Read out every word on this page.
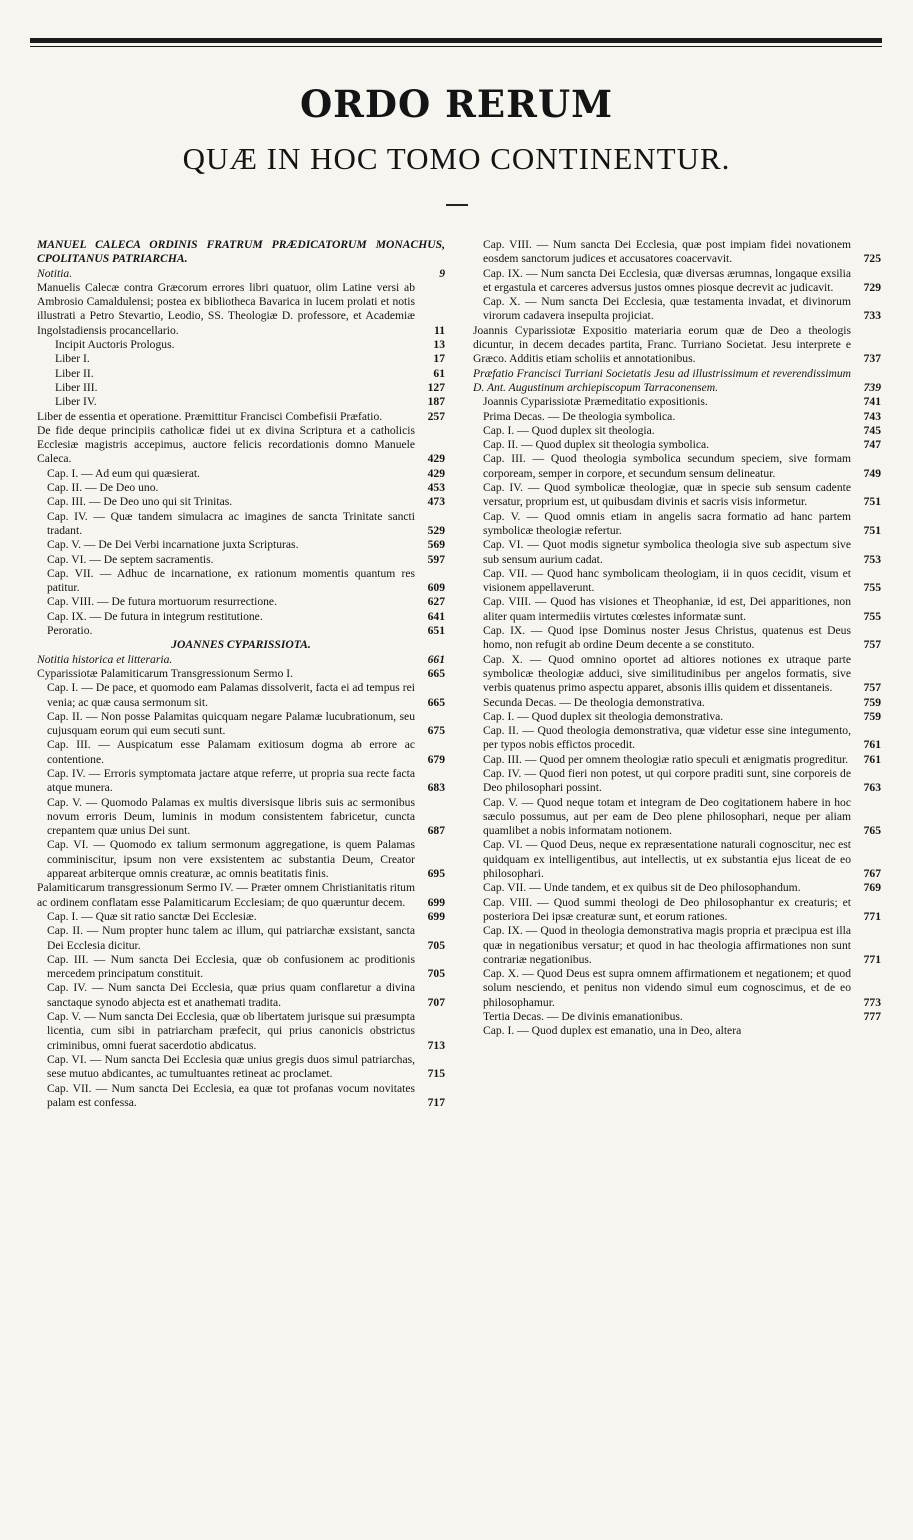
ORDO RERUM
QUÆ IN HOC TOMO CONTINENTUR.

MANUEL CALECA ORDINIS FRATRUM PRÆDICATORUM MONACHUS, CPOLITANUS PATRIARCHA.

Notitia.	9

Manuelis Calecæ contra Græcorum errores libri quatuor, olim Latine versi ab Ambrosio Camaldulensi; postea ex bibliotheca Bavarica in lucem prolati et notis illustrati a Petro Stevartio, Leodio, SS. Theologiæ D. professore, et Academiæ Ingolstadiensis procancellario.	11

Incipit Auctoris Prologus.	13

Liber I.	17

Liber II.	61

Liber III.	127

Liber IV.	187

Liber de essentia et operatione. Præmittitur Francisci Combefisii Præfatio.	257

De fide deque principiis catholicæ fidei ut ex divina Scriptura et a catholicis Ecclesiæ magistris accepimus, auctore felicis recordationis domno Manuele Caleca.	429

Cap. I. — Ad eum qui quæsierat.	429

Cap. II. — De Deo uno.	453

Cap. III. — De Deo uno qui sit Trinitas.	473

Cap. IV. — Quæ tandem simulacra ac imagines de sancta Trinitate sancti tradant.	529

Cap. V. — De Dei Verbi incarnatione juxta Scripturas.	569

Cap. VI. — De septem sacramentis.	597

Cap. VII. — Adhuc de incarnatione, ex rationum momentis quantum res patitur.	609

Cap. VIII. — De futura mortuorum resurrectione.	627

Cap. IX. — De futura in integrum restitutione.	641

Peroratio.	651

JOANNES CYPARISSIOTA.

Notitia historica et litteraria.	661

Cyparissiotæ Palamiticarum Transgressionum Sermo I.	665

Cap. I. — De pace, et quomodo eam Palamas dissolverit, facta ei ad tempus rei venia; ac quæ causa sermonum sit.	665

Cap. II. — Non posse Palamitas quicquam negare Palamæ lucubrationum, seu cujusquam eorum qui eum secuti sunt.	675

Cap. III. — Auspicatum esse Palamam exitiosum dogma ab errore ac contentione.	679

Cap. IV. — Erroris symptomata jactare atque referre, ut propria sua recte facta atque munera.	683

Cap. V. — Quomodo Palamas ex multis diversisque libris suis ac sermonibus novum erroris Deum, luminis in modum consistentem fabricetur, cuncta crepantem quæ unius Dei sunt.	687

Cap. VI. — Quomodo ex talium sermonum aggregatione, is quem Palamas comminiscitur, ipsum non vere exsistentem ac substantia Deum, Creator appareat arbiterque omnis creaturæ, ac omnis beatitatis finis.	695

Palamiticarum transgressionum Sermo IV. — Præter omnem Christianitatis ritum ac ordinem conflatam esse Palamiticarum Ecclesiam; de quo quæruntur decem. 699

Cap. I. — Quæ sit ratio sanctæ Dei Ecclesiæ.	699

Cap. II. — Num propter hunc talem ac illum, qui patriarchæ exsistant, sancta Dei Ecclesia dicitur.	705

Cap. III. — Num sancta Dei Ecclesia, quæ ob confusionem ac proditionis mercedem principatum constituit.	705

Cap. IV. — Num sancta Dei Ecclesia, quæ prius quam conflaretur a divina sanctaque synodo abjecta est et anathemati tradita.	707

Cap. V. — Num sancta Dei Ecclesia, quæ ob libertatem jurisque sui præsumpta licentia, cum sibi in patriarcham præfecit, qui prius canonicis obstrictus criminibus, omni fuerat sacerdotio abdicatus.	713

Cap. VI. — Num sancta Dei Ecclesia quæ unius gregis duos simul patriarchas, sese mutuo abdicantes, ac tumultuantes retineat ac proclamet.	715

Cap. VII. — Num sancta Dei Ecclesia, ea quæ tot profanas vocum novitates palam est confessa.	717

Cap. VIII. — Num sancta Dei Ecclesia, quæ post impiam fidei novationem eosdem sanctorum judices et accusatores coacervavit.	725

Cap. IX. — Num sancta Dei Ecclesia, quæ diversas ærumnas, longaque exsilia et ergastula et carceres adversus justos omnes piosque decrevit ac judicavit.	729

Cap. X. — Num sancta Dei Ecclesia, quæ testamenta invadat, et divinorum virorum cadavera insepulta projiciat.	733

Joannis Cyparissiotæ Expositio materiaria eorum quæ de Deo a theologis dicuntur, in decem decades partita, Franc. Turriano Societat. Jesu interprete e Græco. Additis etiam scholiis et annotationibus.	737

Præfatio Francisci Turriani Societatis Jesu ad illustrissimum et reverendissimum D. Ant. Augustinum archiepiscopum Tarraconensem.	739

Joannis Cyparissiotæ Præmeditatio expositionis.	741

Prima Decas. — De theologia symbolica.	743

Cap. I. — Quod duplex sit theologia.	745

Cap. II. — Quod duplex sit theologia symbolica.	747

Cap. III. — Quod theologia symbolica secundum speciem, sive formam corpoream, semper in corpore, et secundum sensum delineatur.	749

Cap. IV. — Quod symbolicæ theologiæ, quæ in specie sub sensum cadente versatur, proprium est, ut quibusdam divinis et sacris visis informetur.	751

Cap. V. — Quod omnis etiam in angelis sacra formatio ad hanc partem symbolicæ theologiæ refertur.	751

Cap. VI. — Quot modis signetur symbolica theologia sive sub aspectum sive sub sensum aurium cadat.	753

Cap. VII. — Quod hanc symbolicam theologiam, ii in quos cecidit, visum et visionem appellaverunt.	755

Cap. VIII. — Quod has visiones et Theophaniæ, id est, Dei apparitiones, non aliter quam intermediis virtutes cœlestes informatæ sunt.	755

Cap. IX. — Quod ipse Dominus noster Jesus Christus, quatenus est Deus homo, non refugit ab ordine Deum decente a se constituto.	757

Cap. X. — Quod omnino oportet ad altiores notiones ex utraque parte symbolicæ theologiæ adduci, sive similitudinibus per angelos formatis, sive verbis quatenus primo aspectu apparet, absonis illis quidem et dissentaneis.	757

Secunda Decas. — De theologia demonstrativa.	759

Cap. I. — Quod duplex sit theologia demonstrativa.	759

Cap. II. — Quod theologia demonstrativa, quæ videtur esse sine integumento, per typos nobis effictos procedit.	761

Cap. III. — Quod per omnem theologiæ ratio speculi et ænigmatis progreditur. 761

Cap. IV. — Quod fieri non potest, ut qui corpore praditi sunt, sine corporeis de Deo philosophari possint.	763

Cap. V. — Quod neque totam et integram de Deo cogitationem habere in hoc sæculo possumus, aut per eam de Deo plene philosophari, neque per aliam quamlibet a nobis informatam notionem.	765

Cap. VI. — Quod Deus, neque ex repræsentatione naturali cognoscitur, nec est quidquam ex intelligentibus, aut intellectis, ut ex substantia ejus liceat de eo philosophari.	767

Cap. VII. — Unde tandem, et ex quibus sit de Deo philosophandum.	769

Cap. VIII. — Quod summi theologi de Deo philosophantur ex creaturis; et posteriora Dei ipsæ creaturæ sunt, et eorum rationes.	771

Cap. IX. — Quod in theologia demonstrativa magis propria et præcipua est illa quæ in negationibus versatur; et quod in hac theologia affirmationes non sunt contrariæ negationibus.	771

Cap. X. — Quod Deus est supra omnem affirmationem et negationem; et quod solum nesciendo, et penitus non videndo simul eum cognoscimus, et de eo philosophamur.	773

Tertia Decas. — De divinis emanationibus.	777

Cap. I. — Quod duplex est emanatio, una in Deo, altera
